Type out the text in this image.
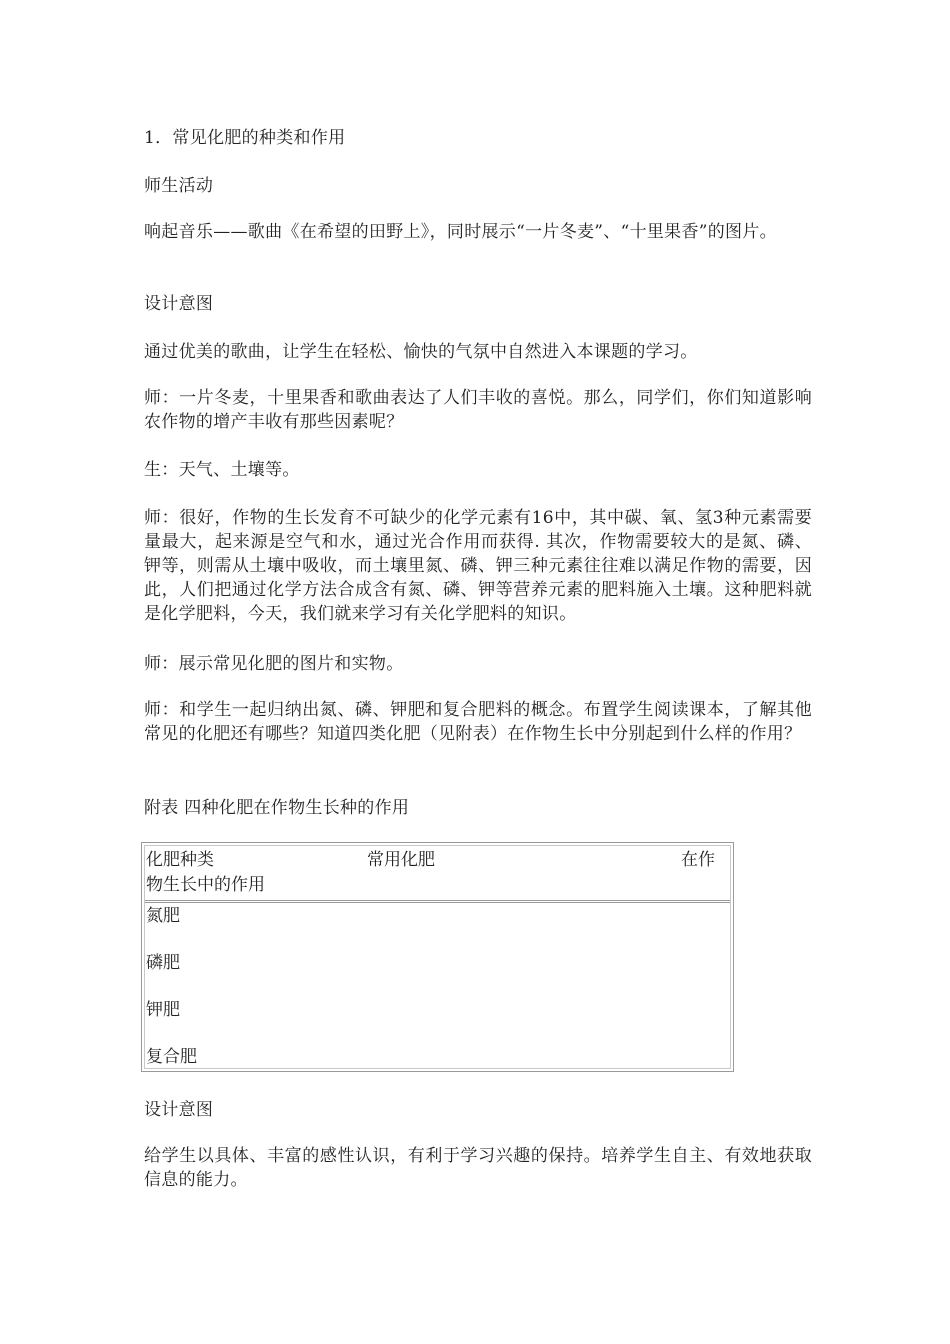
1．常见化肥的种类和作用

师生活动

响起音乐——歌曲《在希望的田野上》，同时展示“一片冬麦”、“十里果香”的图片。

设计意图

通过优美的歌曲，让学生在轻松、愉快的气氛中自然进入本课题的学习。

师：一片冬麦，十里果香和歌曲表达了人们丰收的喜悦。那么，同学们，你们知道影响农作物的增产丰收有那些因素呢？

生：天气、土壤等。

师：很好，作物的生长发育不可缺少的化学元素有16中，其中碳、氧、氢3种元素需要量最大，起来源是空气和水，通过光合作用而获得. 其次，作物需要较大的是氮、磷、钾等，则需从土壤中吸收，而土壤里氮、磷、钾三种元素往往难以满足作物的需要，因此，人们把通过化学方法合成含有氮、磷、钾等营养元素的肥料施入土壤。这种肥料就是化学肥料，今天，我们就来学习有关化学肥料的知识。

师：展示常见化肥的图片和实物。

师：和学生一起归纳出氮、磷、钾肥和复合肥料的概念。布置学生阅读课本，了解其他常见的化肥还有哪些？知道四类化肥（见附表）在作物生长中分别起到什么样的作用？

附表 四种化肥在作物生长种的作用

化肥种类	常用化肥	在作
物生长中的作用
氮肥
磷肥
钾肥
复合肥

设计意图

给学生以具体、丰富的感性认识，有利于学习兴趣的保持。培养学生自主、有效地获取信息的能力。
